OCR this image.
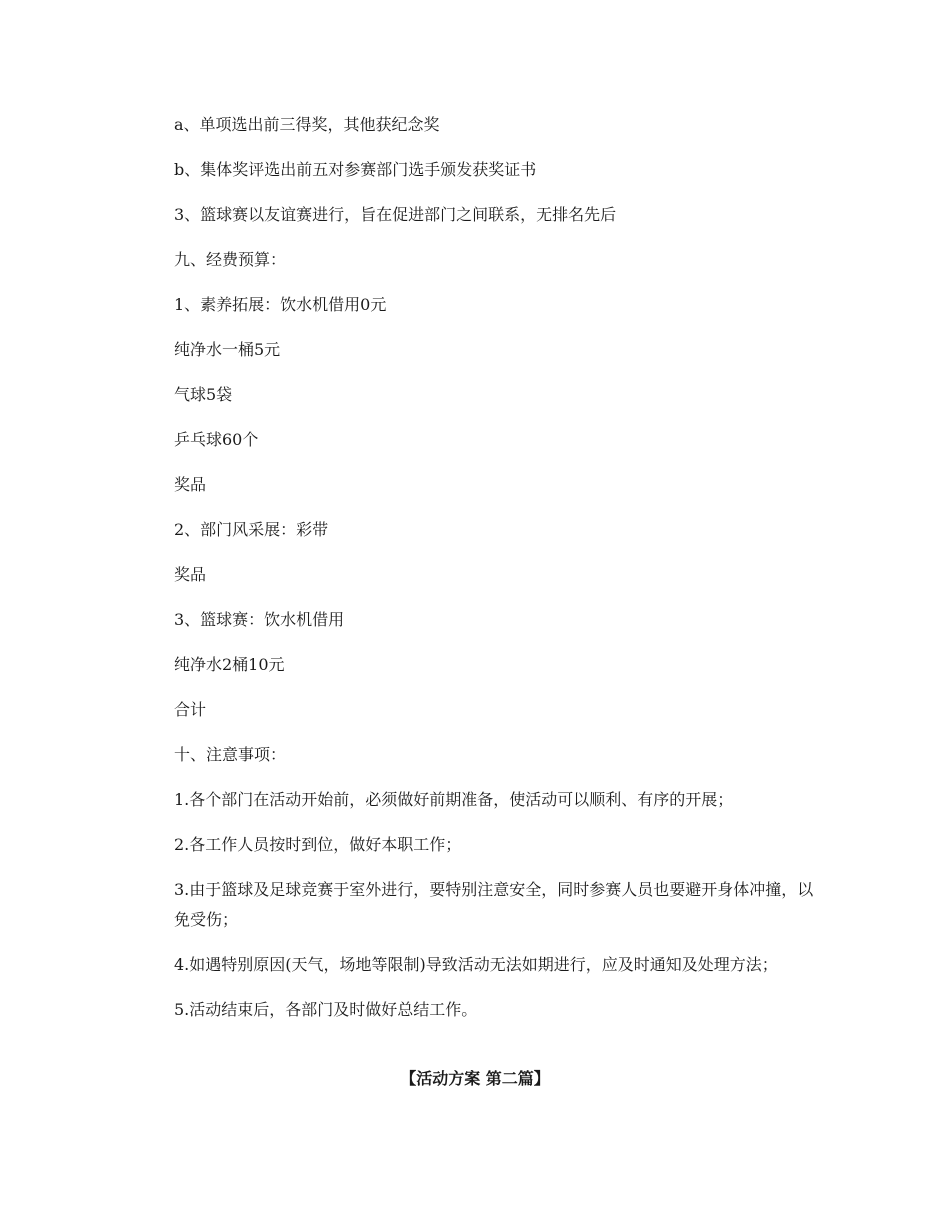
a、单项选出前三得奖，其他获纪念奖

b、集体奖评选出前五对参赛部门选手颁发获奖证书

3、篮球赛以友谊赛进行，旨在促进部门之间联系，无排名先后

九、经费预算：

1、素养拓展：饮水机借用0元

纯净水一桶5元

气球5袋

乒乓球60个

奖品

2、部门风采展：彩带

奖品

3、篮球赛：饮水机借用

纯净水2桶10元

合计

十、注意事项：

1.各个部门在活动开始前，必须做好前期准备，使活动可以顺利、有序的开展；

2.各工作人员按时到位，做好本职工作；

3.由于篮球及足球竞赛于室外进行，要特别注意安全，同时参赛人员也要避开身体冲撞，以免受伤；

4.如遇特别原因(天气，场地等限制)导致活动无法如期进行，应及时通知及处理方法；

5.活动结束后，各部门及时做好总结工作。

【活动方案 第二篇】
